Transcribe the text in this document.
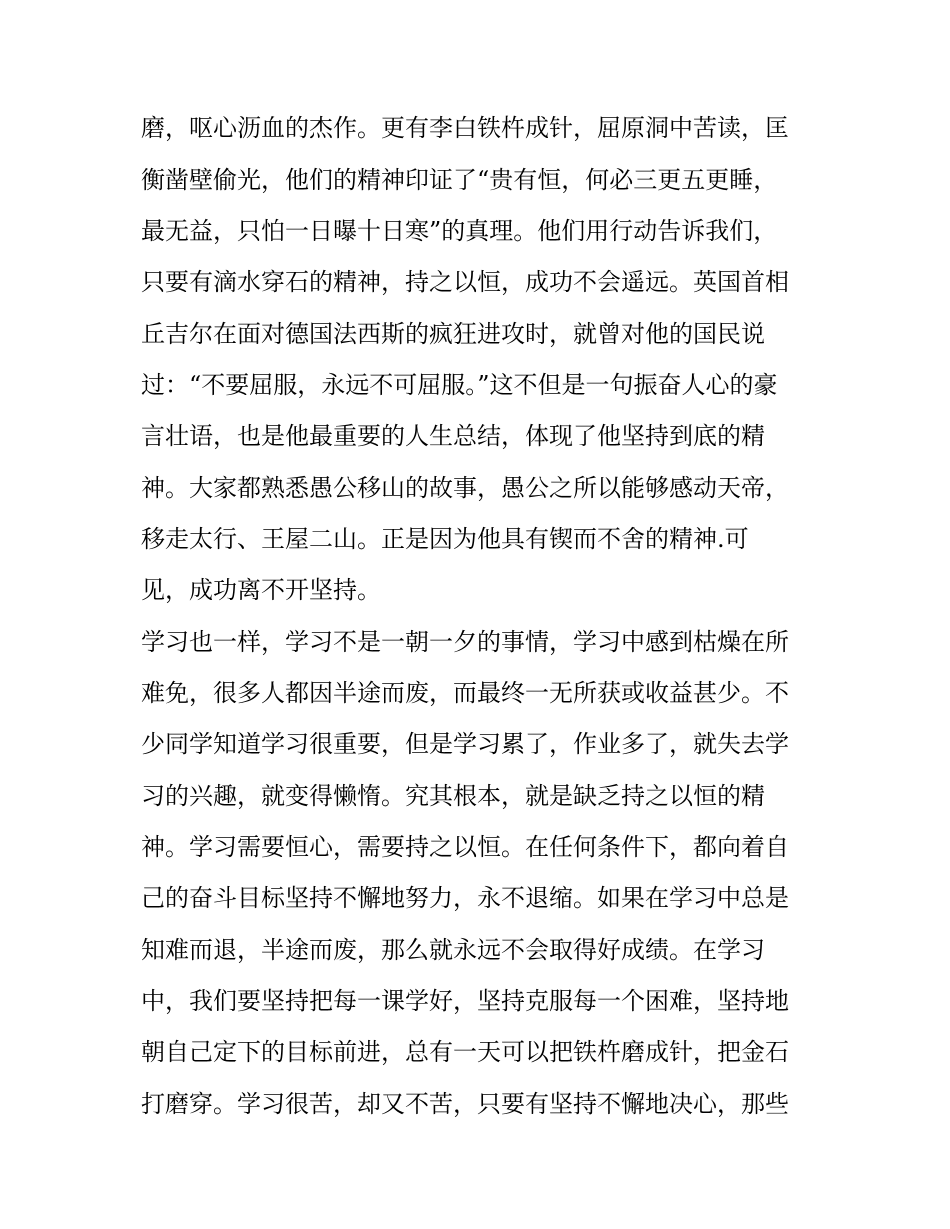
磨，呕心沥血的杰作。更有李白铁杵成针，屈原洞中苦读，匡
衡凿壁偷光，他们的精神印证了“贵有恒，何必三更五更睡，
最无益，只怕一日曝十日寒”的真理。他们用行动告诉我们，
只要有滴水穿石的精神，持之以恒，成功不会遥远。英国首相
丘吉尔在面对德国法西斯的疯狂进攻时，就曾对他的国民说
过：“不要屈服，永远不可屈服。”这不但是一句振奋人心的豪
言壮语，也是他最重要的人生总结，体现了他坚持到底的精
神。大家都熟悉愚公移山的故事，愚公之所以能够感动天帝，
移走太行、王屋二山。正是因为他具有锲而不舍的精神.可
见，成功离不开坚持。
学习也一样，学习不是一朝一夕的事情，学习中感到枯燥在所
难免，很多人都因半途而废，而最终一无所获或收益甚少。不
少同学知道学习很重要，但是学习累了，作业多了，就失去学
习的兴趣，就变得懒惰。究其根本，就是缺乏持之以恒的精
神。学习需要恒心，需要持之以恒。在任何条件下，都向着自
己的奋斗目标坚持不懈地努力，永不退缩。如果在学习中总是
知难而退，半途而废，那么就永远不会取得好成绩。在学习
中，我们要坚持把每一课学好，坚持克服每一个困难，坚持地
朝自己定下的目标前进，总有一天可以把铁杵磨成针，把金石
打磨穿。学习很苦，却又不苦，只要有坚持不懈地决心，那些
